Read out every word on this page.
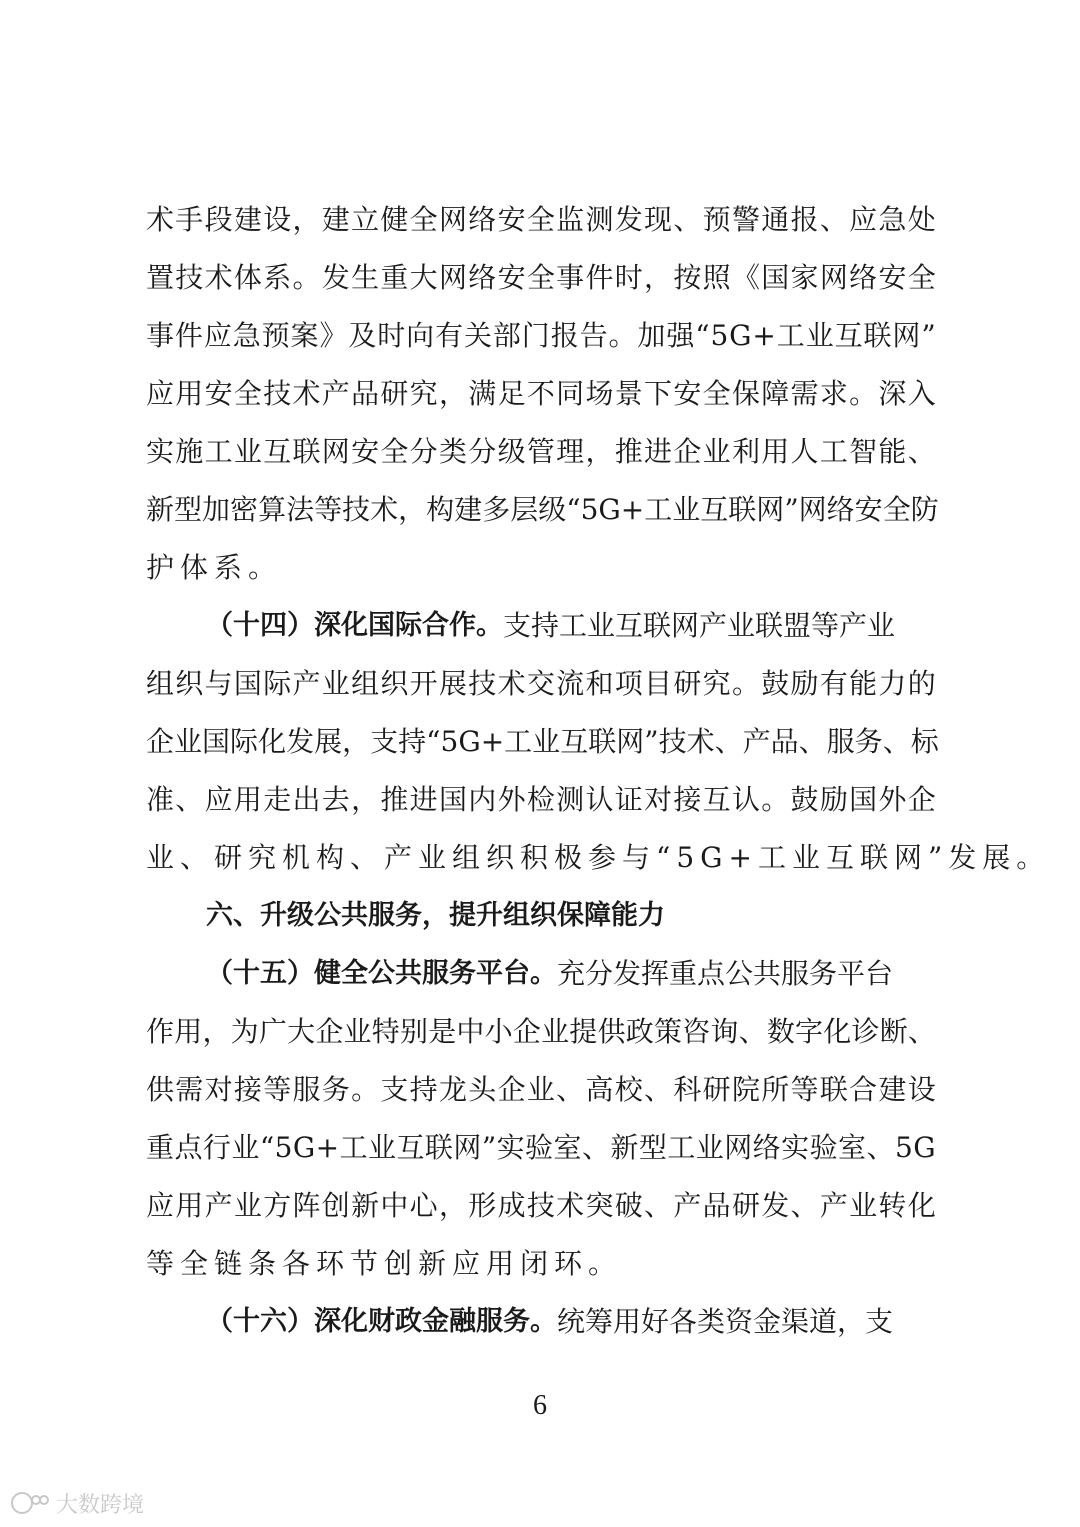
术 手 段 建 设 ， 建 立 健 全 网 络 安 全 监 测 发 现 、 预 警 通 报 、 应 急 处
置 技 术 体 系 。 发 生 重 大 网 络 安 全 事 件 时 ， 按 照 《 国 家 网 络 安 全
事 件 应 急 预 案 》 及 时 向 有 关 部 门 报 告 。 加 强 “ 5 G + 工 业 互 联 网 ”
应 用 安 全 技 术 产 品 研 究 ， 满 足 不 同 场 景 下 安 全 保 障 需 求 。 深 入
实 施 工 业 互 联 网 安 全 分 类 分 级 管 理 ， 推 进 企 业 利 用 人 工 智 能 、
新 型 加 密 算 法 等 技 术 ， 构 建 多 层 级 “ 5 G + 工 业 互 联 网 ” 网 络 安 全 防
护体系。
（十四）深化国际合作。 支持工业互联网产业联盟等产业
组 织 与 国 际 产 业 组 织 开 展 技 术 交 流 和 项 目 研 究 。 鼓 励 有 能 力 的
企 业 国 际 化 发 展 ， 支 持 “ 5 G + 工 业 互 联 网 ” 技 术 、 产 品 、 服 务 、 标
准 、 应 用 走 出 去 ， 推 进 国 内 外 检 测 认 证 对 接 互 认 。 鼓 励 国 外 企
业、研究机构、产业组织积极参与“5G+工业互联网”发展。
六、升级公共服务，提升组织保障能力
（十五）健全公共服务平台。 充分发挥重点公共服务平台
作 用 ， 为 广 大 企 业 特 别 是 中 小 企 业 提 供 政 策 咨 询 、 数 字 化 诊 断 、
供 需 对 接 等 服 务 。 支 持 龙 头 企 业 、 高 校 、 科 研 院 所 等 联 合 建 设
重 点 行 业 “ 5 G + 工 业 互 联 网 ” 实 验 室 、 新 型 工 业 网 络 实 验 室 、 5 G
应 用 产 业 方 阵 创 新 中 心 ， 形 成 技 术 突 破 、 产 品 研 发 、 产 业 转 化
等全链条各环节创新应用闭环。
（十六）深化财政金融服务。 统筹用好各类资金渠道，支
6
大数跨境
